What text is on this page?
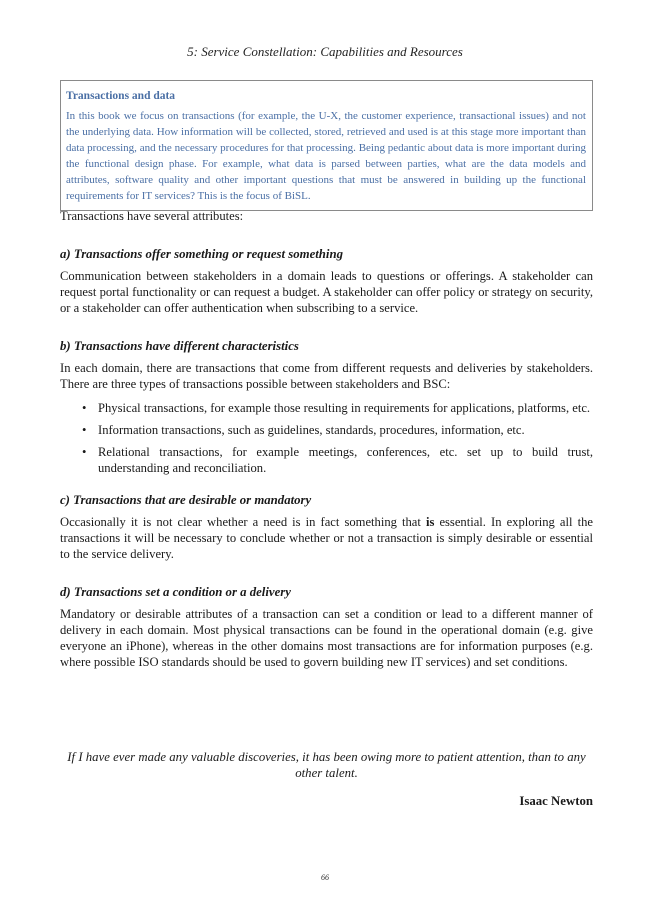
5: Service Constellation: Capabilities and Resources
Transactions and data
In this book we focus on transactions (for example, the U-X, the customer experience, transactional issues) and not the underlying data. How information will be collected, stored, retrieved and used is at this stage more important than data processing, and the necessary procedures for that processing. Being pedantic about data is more important during the functional design phase. For example, what data is parsed between parties, what are the data models and attributes, software quality and other important questions that must be answered in building up the functional requirements for IT services? This is the focus of BiSL.
Transactions have several attributes:
a) Transactions offer something or request something
Communication between stakeholders in a domain leads to questions or offerings. A stakeholder can request portal functionality or can request a budget. A stakeholder can offer policy or strategy on security, or a stakeholder can offer authentication when subscribing to a service.
b) Transactions have different characteristics
In each domain, there are transactions that come from different requests and deliveries by stakeholders. There are three types of transactions possible between stakeholders and BSC:
• Physical transactions, for example those resulting in requirements for applications, platforms, etc.
• Information transactions, such as guidelines, standards, procedures, information, etc.
• Relational transactions, for example meetings, conferences, etc. set up to build trust, understanding and reconciliation.
c) Transactions that are desirable or mandatory
Occasionally it is not clear whether a need is in fact something that is essential. In exploring all the transactions it will be necessary to conclude whether or not a transaction is simply desirable or essential to the service delivery.
d) Transactions set a condition or a delivery
Mandatory or desirable attributes of a transaction can set a condition or lead to a different manner of delivery in each domain. Most physical transactions can be found in the operational domain (e.g. give everyone an iPhone), whereas in the other domains most transactions are for information purposes (e.g. where possible ISO standards should be used to govern building new IT services) and set conditions.
If I have ever made any valuable discoveries, it has been owing more to patient attention, than to any other talent.
Isaac Newton
66
